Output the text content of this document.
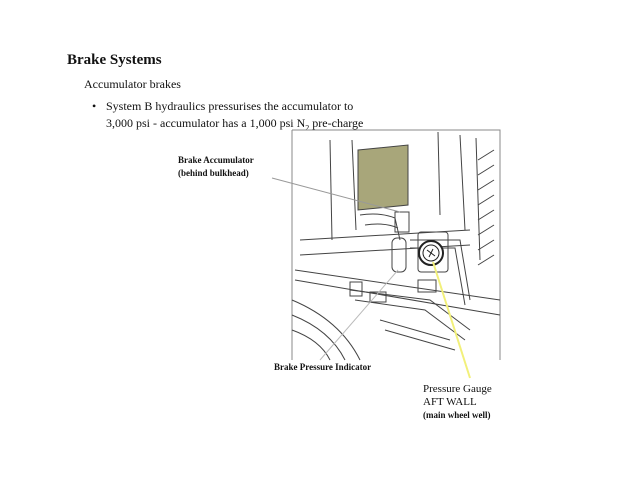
Brake Systems
Accumulator brakes
• System B hydraulics pressurises the accumulator to
3,000 psi - accumulator has a 1,000 psi $N_2$ pre-charge
Brake Accumulator
(behind bulkhead)
Brake Pressure Indicator
Pressure Gauge
AFT WALL
(main wheel well)
